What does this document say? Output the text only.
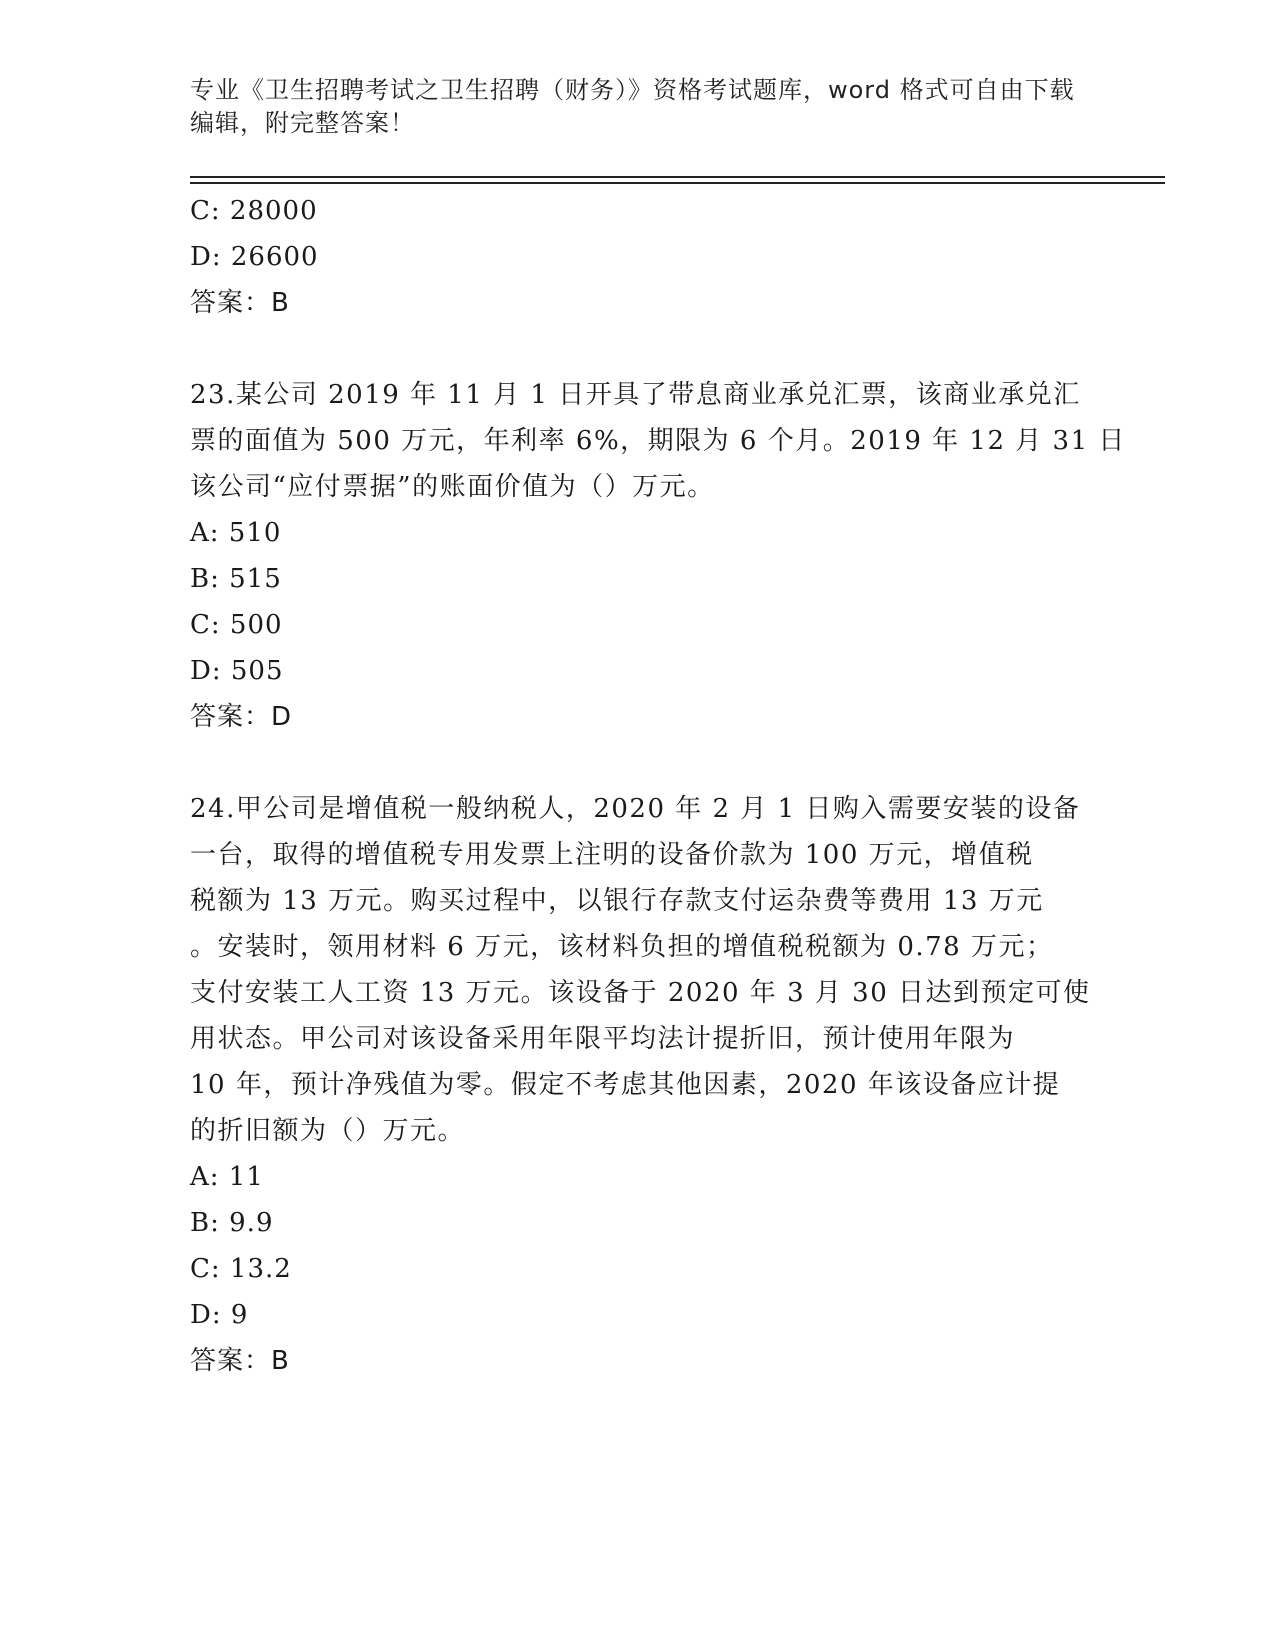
专业《卫生招聘考试之卫生招聘（财务）》资格考试题库，word 格式可自由下载
编辑，附完整答案！
C: 28000
D: 26600
答案：B
23.某公司 2019 年 11 月 1 日开具了带息商业承兑汇票，该商业承兑汇
票的面值为 500 万元，年利率 6%，期限为 6 个月。2019 年 12 月 31 日
该公司“应付票据”的账面价值为（）万元。
A: 510
B: 515
C: 500
D: 505
答案：D
24.甲公司是增值税一般纳税人，2020 年 2 月 1 日购入需要安装的设备
一台，取得的增值税专用发票上注明的设备价款为 100 万元，增值税
税额为 13 万元。购买过程中，以银行存款支付运杂费等费用 13 万元
。安装时，领用材料 6 万元，该材料负担的增值税税额为 0.78 万元；
支付安装工人工资 13 万元。该设备于 2020 年 3 月 30 日达到预定可使
用状态。甲公司对该设备采用年限平均法计提折旧，预计使用年限为
10 年，预计净残值为零。假定不考虑其他因素，2020 年该设备应计提
的折旧额为（）万元。
A: 11
B: 9.9
C: 13.2
D: 9
答案：B
